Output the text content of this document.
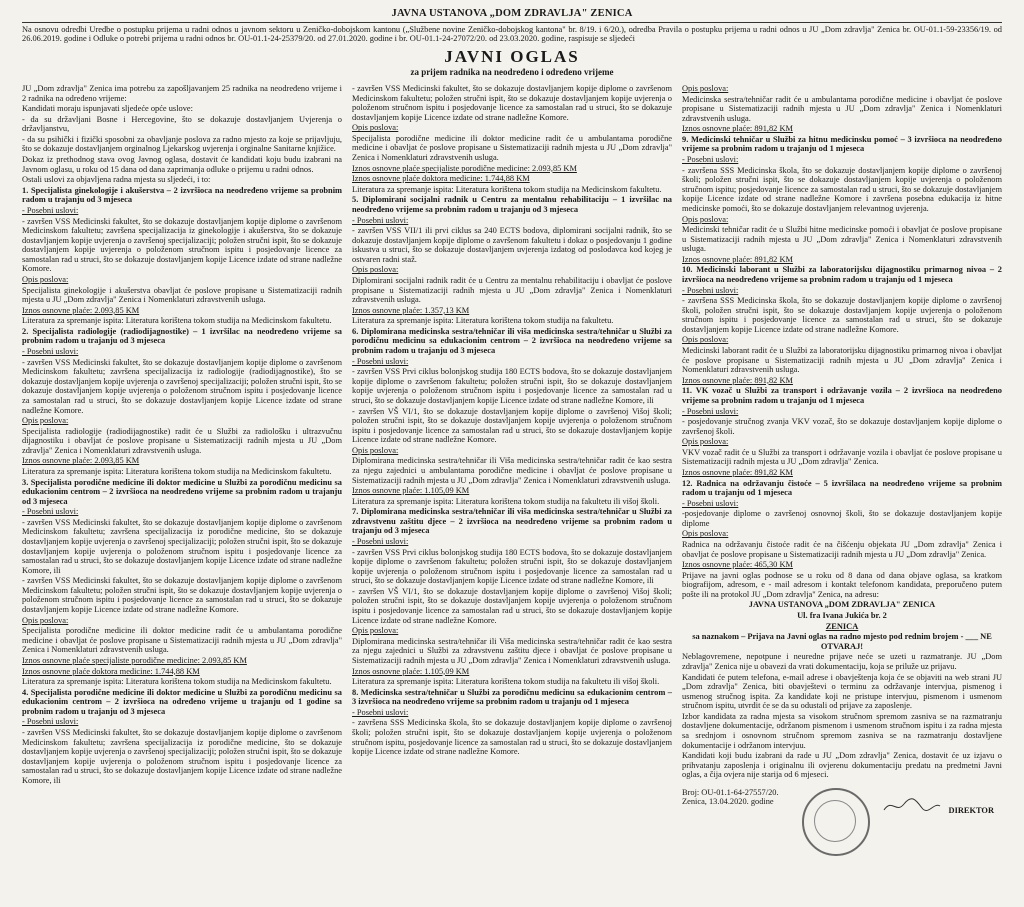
JAVNA USTANOVA „DOM ZDRAVLJA" ZENICA
Na osnovu odredbi Uredbe o postupku prijema u radni odnos u javnom sektoru u Zeničko-dobojskom kantonu („Službene novine Zeničko-dobojskog kantona" br. 8/19. i 6/20.), odredba Pravila o postupku prijema u radni odnos u JU „Dom zdravlja" Zenica br. OU-01.1-59-23356/19. od 26.06.2019. godine i Odluke o potrebi prijema u radni odnos br. OU-01.1-24-25379/20. od 27.01.2020. godine i br. OU-01.1-24-27072/20. od 23.03.2020. godine, raspisuje se sljedeći
JAVNI OGLAS
za prijem radnika na neodređeno i određeno vrijeme

JU „Dom zdravlja" Zenica ima potrebu za zapošljavanjem 25 radnika na neodređeno vrijeme i 2 radnika na određeno vrijeme:

Kandidati moraju ispunjavati sljedeće opće uslove:

- da su državljani Bosne i Hercegovine, što se dokazuje dostavljanjem Uvjerenja o državljanstvu,

- da su psihički i fizički sposobni za obavljanje poslova za radno mjesto za koje se prijavljuju, što se dokazuje dostavljanjem orginalnog Ljekarskog uvjerenja i orginalne Sanitarne knjižice.

Dokaz iz prethodnog stava ovog Javnog oglasa, dostavit će kandidati koju budu izabrani na Javnom oglasu, u roku od 15 dana od dana zaprimanja odluke o prijemu u radni odnos.

Ostali uslovi za objavljena radna mjesta su sljedeći, i to:

1. Specijalista ginekologije i akušerstva – 2 izvršioca na neodređeno vrijeme sa probnim radom u trajanju od 3 mjeseca

- Posebni uslovi:

- završen VSS Medicinski fakultet, što se dokazuje dostavljanjem kopije diplome o završenom Medicinskom fakultetu; završena specijalizacija iz ginekologije i akušerstva, što se dokazuje dostavljanjem kopije uvjerenja o završenoj specijalizaciji; položen stručni ispit, što se dokazuje dostavljanjem kopije uvjerenja o položenom stručnom ispitu i posjedovanje licence za samostalan rad u struci, što se dokazuje dostavljanjem kopije Licence izdate od strane nadležne Komore.

Opis poslova:

Specijalista ginekologije i akušerstva obavljat će poslove propisane u Sistematizaciji radnih mjesta u JU „Dom zdravlja" Zenica i Nomenklaturi zdravstvenih usluga.

Iznos osnovne plaće: 2.093,85 KM

Literatura za spremanje ispita: Literatura korištena tokom studija na Medicinskom fakultetu.

2. Specijalista radiologije (radiodijagnostike) – 1 izvršilac na neodređeno vrijeme sa probnim radom u trajanju od 3 mjeseca

- Posebni uslovi:

- završen VSS Medicinski fakultet, što se dokazuje dostavljanjem kopije diplome o završenom Medicinskom fakultetu; završena specijalizacija iz radiologije (radiodijagnostike), što se dokazuje dostavljanjem kopije uvjerenja o završenoj specijalizaciji; položen stručni ispit, što se dokazuje dostavljanjem kopije uvjerenja o položenom stručnom ispitu i posjedovanje licence za samostalan rad u struci, što se dokazuje dostavljanjem kopije Licence izdate od strane nadležne Komore.

Opis poslova:

Specijalista radiologije (radiodijagnostike) radit će u Službi za radiološku i ultrazvučnu dijagnostiku i obavljat će poslove propisane u Sistematizaciji radnih mjesta u JU „Dom zdravlja" Zenica i Nomenklaturi zdravstvenih usluga.

Iznos osnovne plaće: 2.093,85 KM

Literatura za spremanje ispita: Literatura korištena tokom studija na Medicinskom fakultetu.

3. Specijalista porodične medicine ili doktor medicine u Službi za porodičnu medicinu sa edukacionim centrom – 2 izvršioca na neodređeno vrijeme sa probnim radom u trajanju od 3 mjeseca

- Posebni uslovi:

- završen VSS Medicinski fakultet, što se dokazuje dostavljanjem kopije diplome o završenom Medicinskom fakultetu; završena specijalizacija iz porodične medicine, što se dokazuje dostavljanjem kopije uvjerenja o završenoj specijalizaciji; položen stručni ispit, što se dokazuje dostavljanjem kopije uvjerenja o položenom stručnom ispitu i posjedovanje licence za samostalan rad u struci, što se dokazuje dostavljanjem kopije Licence izdate od strane nadležne Komore, ili

- završen VSS Medicinski fakultet, što se dokazuje dostavljanjem kopije diplome o završenom Medicinskom fakultetu; položen stručni ispit, što se dokazuje dostavljanjem kopije uvjerenja o položenom stručnom ispitu i posjedovanje licence za samostalan rad u struci, što se dokazuje dostavljanjem kopije Licence izdate od strane nadležne Komore.

Opis poslova:

Specijalista porodične medicine ili doktor medicine radit će u ambulantama porodične medicine i obavljat će poslove propisane u Sistematizaciji radnih mjesta u JU „Dom zdravlja" Zenica i Nomenklaturi zdravstvenih usluga.

Iznos osnovne plaće specijaliste porodične medicine: 2.093,85 KM

Iznos osnovne plaće doktora medicine: 1.744,88 KM

Literatura za spremanje ispita: Literatura korištena tokom studija na Medicinskom fakultetu.

4. Specijalista porodične medicine ili doktor medicine u Službi za porodičnu medicinu sa edukacionim centrom – 2 izvršioca na određeno vrijeme u trajanju od 1 godine sa probnim radom u trajanju od 3 mjeseca

- Posebni uslovi:

- završen VSS Medicinski fakultet, što se dokazuje dostavljanjem kopije diplome o završenom Medicinskom fakultetu; završena specijalizacija iz porodične medicine, što se dokazuje dostavljanjem kopije uvjerenja o završenoj specijalizaciji; položen stručni ispit, što se dokazuje dostavljanjem kopije uvjerenja o položenom stručnom ispitu i posjedovanje licence za samostalan rad u struci, što se dokazuje dostavljanjem kopije Licence izdate od strane nadležne Komore, ili

- završen VSS Medicinski fakultet, što se dokazuje dostavljanjem kopije diplome o završenom Medicinskom fakultetu; položen stručni ispit, što se dokazuje dostavljanjem kopije uvjerenja o položenom stručnom ispitu i posjedovanje licence za samostalan rad u struci, što se dokazuje dostavljanjem kopije Licence izdate od strane nadležne Komore.

Opis poslova:

Specijalista porodične medicine ili doktor medicine radit će u ambulantama porodične medicine i obavljat će poslove propisane u Sistematizaciji radnih mjesta u JU „Dom zdravlja" Zenica i Nomenklaturi zdravstvenih usluga.

Iznos osnovne plaće specijaliste porodične medicine: 2.093,85 KM

Iznos osnovne plaće doktora medicine: 1.744,88 KM

Literatura za spremanje ispita: Literatura korištena tokom studija na Medicinskom fakultetu.

5. Diplomirani socijalni radnik u Centru za mentalnu rehabilitaciju – 1 izvršilac na neodređeno vrijeme sa probnim radom u trajanju od 3 mjeseca

- Posebni uslovi:

- završen VSS VII/1 ili prvi ciklus sa 240 ECTS bodova, diplomirani socijalni radnik, što se dokazuje dostavljanjem kopije diplome o završenom fakultetu i dokaz o posjedovanju 1 godine iskustva u struci, što se dokazuje dostavljanjem uvjerenja izdatog od poslodavca kod kojeg je ostvaren radni staž.

Opis poslova:

Diplomirani socijalni radnik radit će u Centru za mentalnu rehabilitaciju i obavljat će poslove propisane u Sistematizaciji radnih mjesta u JU „Dom zdravlja" Zenica i Nomenklaturi zdravstvenih usluga.

Iznos osnovne plaće: 1.357,13 KM

Literatura za spremanje ispita: Literatura korištena tokom studija na fakultetu.

6. Diplomirana medicinska sestra/tehničar ili viša medicinska sestra/tehničar u Službi za porodičnu medicinu sa edukacionim centrom – 2 izvršioca na neodređeno vrijeme sa probnim radom u trajanju od 3 mjeseca

- Posebni uslovi:

- završen VSS Prvi ciklus bolonjskog studija 180 ECTS bodova, što se dokazuje dostavljanjem kopije diplome o završenom fakultetu; položen stručni ispit, što se dokazuje dostavljanjem kopije uvjerenja o položenom stručnom ispitu i posjedovanje licence za samostalan rad u struci, što se dokazuje dostavljanjem kopije Licence izdate od strane nadležne Komore, ili

- završen VŠ VI/1, što se dokazuje dostavljanjem kopije diplome o završenoj Višoj školi; položen stručni ispit, što se dokazuje dostavljanjem kopije uvjerenja o položenom stručnom ispitu i posjedovanje licence za samostalan rad u struci, što se dokazuje dostavljanjem kopije Licence izdate od strane nadležne Komore.

Opis poslova:

Diplomirana medicinska sestra/tehničar ili Viša medicinska sestra/tehničar radit će kao sestra za njegu zajednici u ambulantama porodične medicine i obavljat će poslove propisane u Sistematizaciji radnih mjesta u JU „Dom zdravlja" Zenica i Nomenklaturi zdravstvenih usluga.

Iznos osnovne plaće: 1.105,09 KM

Literatura za spremanje ispita: Literatura korištena tokom studija na fakultetu ili višoj školi.

7. Diplomirana medicinska sestra/tehničar ili viša medicinska sestra/tehničar u Službi za zdravstvenu zaštitu djece – 2 izvršioca na neodređeno vrijeme sa probnim radom u trajanju od 3 mjeseca

- Posebni uslovi:

- završen VSS Prvi ciklus bolonjskog studija 180 ECTS bodova, što se dokazuje dostavljanjem kopije diplome o završenom fakultetu; položen stručni ispit, što se dokazuje dostavljanjem kopije uvjerenja o položenom stručnom ispitu i posjedovanje licence za samostalan rad u struci, što se dokazuje dostavljanjem kopije Licence izdate od strane nadležne Komore, ili

- završen VŠ VI/1, što se dokazuje dostavljanjem kopije diplome o završenoj Višoj školi; položen stručni ispit, što se dokazuje dostavljanjem kopije uvjerenja o položenom stručnom ispitu i posjedovanje licence za samostalan rad u struci, što se dokazuje dostavljanjem kopije Licence izdate od strane nadležne Komore.

Opis poslova:

Diplomirana medicinska sestra/tehničar ili Viša medicinska sestra/tehničar radit će kao sestra za njegu zajednici u Službi za zdravstvenu zaštitu djece i obavljat će poslove propisane u Sistematizaciji radnih mjesta u JU „Dom zdravlja" Zenica i Nomenklaturi zdravstvenih usluga.

Iznos osnovne plaće: 1.105,09 KM

Literatura za spremanje ispita: Literatura korištena tokom studija na fakultetu ili višoj školi.

8. Medicinska sestra/tehničar u Službi za porodičnu medicinu sa edukacionim centrom – 3 izvršioca na neodređeno vrijeme sa probnim radom u trajanju od 1 mjeseca

- Posebni uslovi:

- završena SSS Medicinska škola, što se dokazuje dostavljanjem kopije diplome o završenoj školi; položen stručni ispit, što se dokazuje dostavljanjem kopije uvjerenja o položenom stručnom ispitu, posjedovanje licence za samostalan rad u struci, što se dokazuje dostavljanjem kopije Licence izdate od strane nadležne Komore.

Opis poslova:

Medicinska sestra/tehničar radit će u ambulantama porodične medicine i obavljat će poslove propisane u Sistematizaciji radnih mjesta u JU „Dom zdravlja" Zenica i Nomenklaturi zdravstvenih usluga.

Iznos osnovne plaće: 891,82 KM

9. Medicinski tehničar u Službi za hitnu medicinsku pomoć – 3 izvršioca na neodređeno vrijeme sa probnim radom u trajanju od 1 mjeseca

- Posebni uslovi:

- završena SSS Medicinska škola, što se dokazuje dostavljanjem kopije diplome o završenoj školi; položen stručni ispit, što se dokazuje dostavljanjem kopije uvjerenja o položenom stručnom ispitu; posjedovanje licence za samostalan rad u struci, što se dokazuje dostavljanjem kopije Licence izdate od strane nadležne Komore i završena posebna edukacija iz hitne medicinske pomoći, što se dokazuje dostavljanjem relevantnog uvjerenja.

Opis poslova:

Medicinski tehničar radit će u Službi hitne medicinske pomoći i obavljat će poslove propisane u Sistematizaciji radnih mjesta u JU „Dom zdravlja" Zenica i Nomenklaturi zdravstvenih usluga.

Iznos osnovne plaće: 891,82 KM

10. Medicinski laborant u Službi za laboratorijsku dijagnostiku primarnog nivoa – 2 izvršioca na neodređeno vrijeme sa probnim radom u trajanju od 1 mjeseca

- Posebni uslovi:

- završena SSS Medicinska škola, što se dokazuje dostavljanjem kopije diplome o završenoj školi, položen stručni ispit, što se dokazuje dostavljanjem kopije uvjerenja o položenom stručnom ispitu i posjedovanje licence za samostalan rad u struci, što se dokazuje dostavljanjem kopije Licence izdate od strane nadležne Komore.

Opis poslova:

Medicinski laborant radit će u Službi za laboratorijsku dijagnostiku primarnog nivoa i obavljat će poslove propisane u Sistematizaciji radnih mjesta u JU „Dom zdravlja" Zenica i Nomenklaturi zdravstvenih usluga.

Iznos osnovne plaće: 891,82 KM

11. VK vozač u Službi za transport i održavanje vozila – 2 izvršioca na neodređeno vrijeme sa probnim radom u trajanju od 1 mjeseca

- Posebni uslovi:

- posjedovanje stručnog zvanja VKV vozač, što se dokazuje dostavljanjem kopije diplome o završenoj školi.

Opis poslova:

VKV vozač radit će u Službi za transport i održavanje vozila i obavljat će poslove propisane u Sistematizaciji radnih mjesta u JU „Dom zdravlja" Zenica.

Iznos osnovne plaće: 891,82 KM

12. Radnica na održavanju čistoće – 5 izvršilaca na neodređeno vrijeme sa probnim radom u trajanju od 1 mjeseca

- Posebni uslovi:

-posjedovanje diplome o završenoj osnovnoj školi, što se dokazuje dostavljanjem kopije diplome

Opis poslova:

Radnica na održavanju čistoće radit će na čišćenju objekata JU „Dom zdravlja" Zenica i obavljat će poslove propisane u Sistematizaciji radnih mjesta u JU „Dom zdravlja" Zenica.

Iznos osnovne plaće: 465,30 KM

Prijave na javni oglas podnose se u roku od 8 dana od dana objave oglasa, sa kratkom biografijom, adresom, e - mail adresom i kontakt telefonom kandidata, preporučeno putem pošte ili na protokol JU „Dom zdravlja" Zenica, na adresu:

JAVNA USTANOVA „DOM ZDRAVLJA" ZENICA

Ul. fra Ivana Jukića br. 2

ZENICA

sa naznakom – Prijava na Javni oglas na radno mjesto pod rednim brojem - ___ NE OTVARAJ!

Neblagovremene, nepotpune i neuredne prijave neće se uzeti u razmatranje. JU „Dom zdravlja" Zenica nije u obavezi da vrati dokumentaciju, koja se priluže uz prijavu.

Kandidati će putem telefona, e-mail adrese i obavještenja koja će se objaviti na web strani JU „Dom zdravlja" Zenica, biti obavještevi o terminu za održavanje intervjua, pismenog i usmenog stručnog ispita. Za kandidate koji ne pristupe intervjuu, pismenom i usmenom stručnom ispitu, utvrdit će se da su odustali od prijave za zaposlenje.

Izbor kandidata za radna mjesta sa visokom stručnom spremom zasniva se na razmatranju dostavljene dokumentacije, održanom pismenom i usmenom stručnom ispitu i za radna mjesta sa srednjom i osnovnom stručnom spremom zasniva se na razmatranju dostavljene dokumentacije i održanom intervjuu.

Kandidati koji budu izabrani da rade u JU „Dom zdravlja" Zenica, dostavit će uz izjavu o prihvatanju zaposlenja i originalnu ili ovjerenu dokumentaciju predatu na predmetni Javni oglas, a čija ovjera nije starija od 6 mjeseci.

Broj: OU-01.1-64-27557/20.
Zenica, 13.04.2020. godine
DIREKTOR
